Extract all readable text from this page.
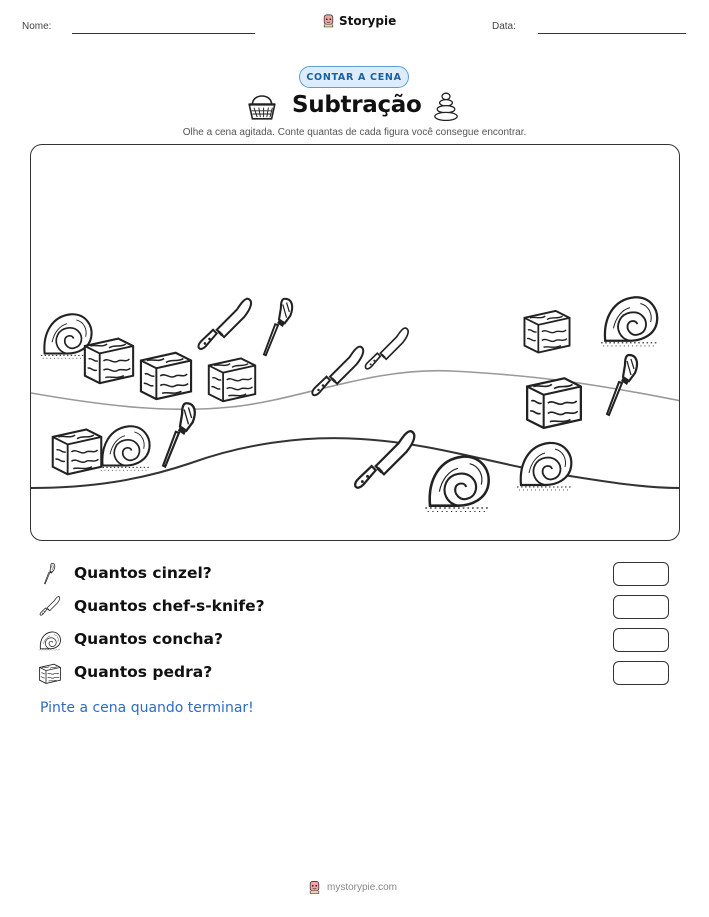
Nome:	Storypie	Data:
CONTAR A CENA
Subtração
Olhe a cena agitada. Conte quantas de cada figura você consegue encontrar.
Quantos cinzel?
Quantos chef-s-knife?
Quantos concha?
Quantos pedra?
Pinte a cena quando terminar!
mystorypie.com
